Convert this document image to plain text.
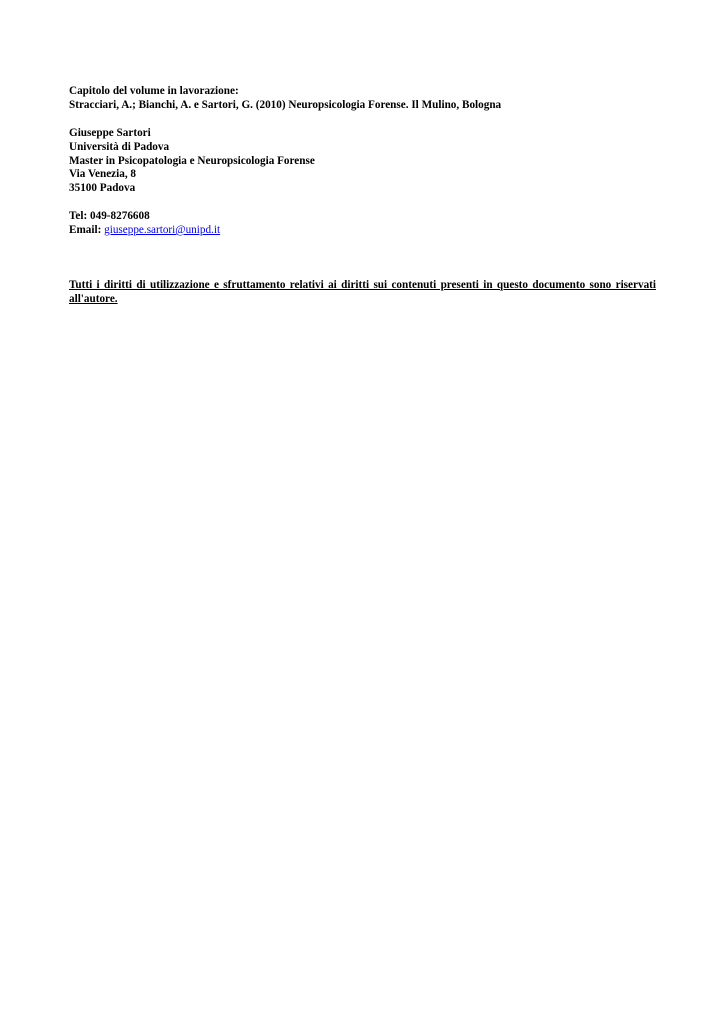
Capitolo del volume in lavorazione:
Stracciari, A.; Bianchi, A. e Sartori, G. (2010) Neuropsicologia Forense. Il Mulino, Bologna
Giuseppe Sartori
Università di Padova
Master in Psicopatologia e Neuropsicologia Forense
Via Venezia, 8
35100 Padova
Tel: 049-8276608
Email: giuseppe.sartori@unipd.it
Tutti i diritti di utilizzazione e sfruttamento relativi ai diritti sui contenuti presenti in questo documento sono riservati all'autore.
